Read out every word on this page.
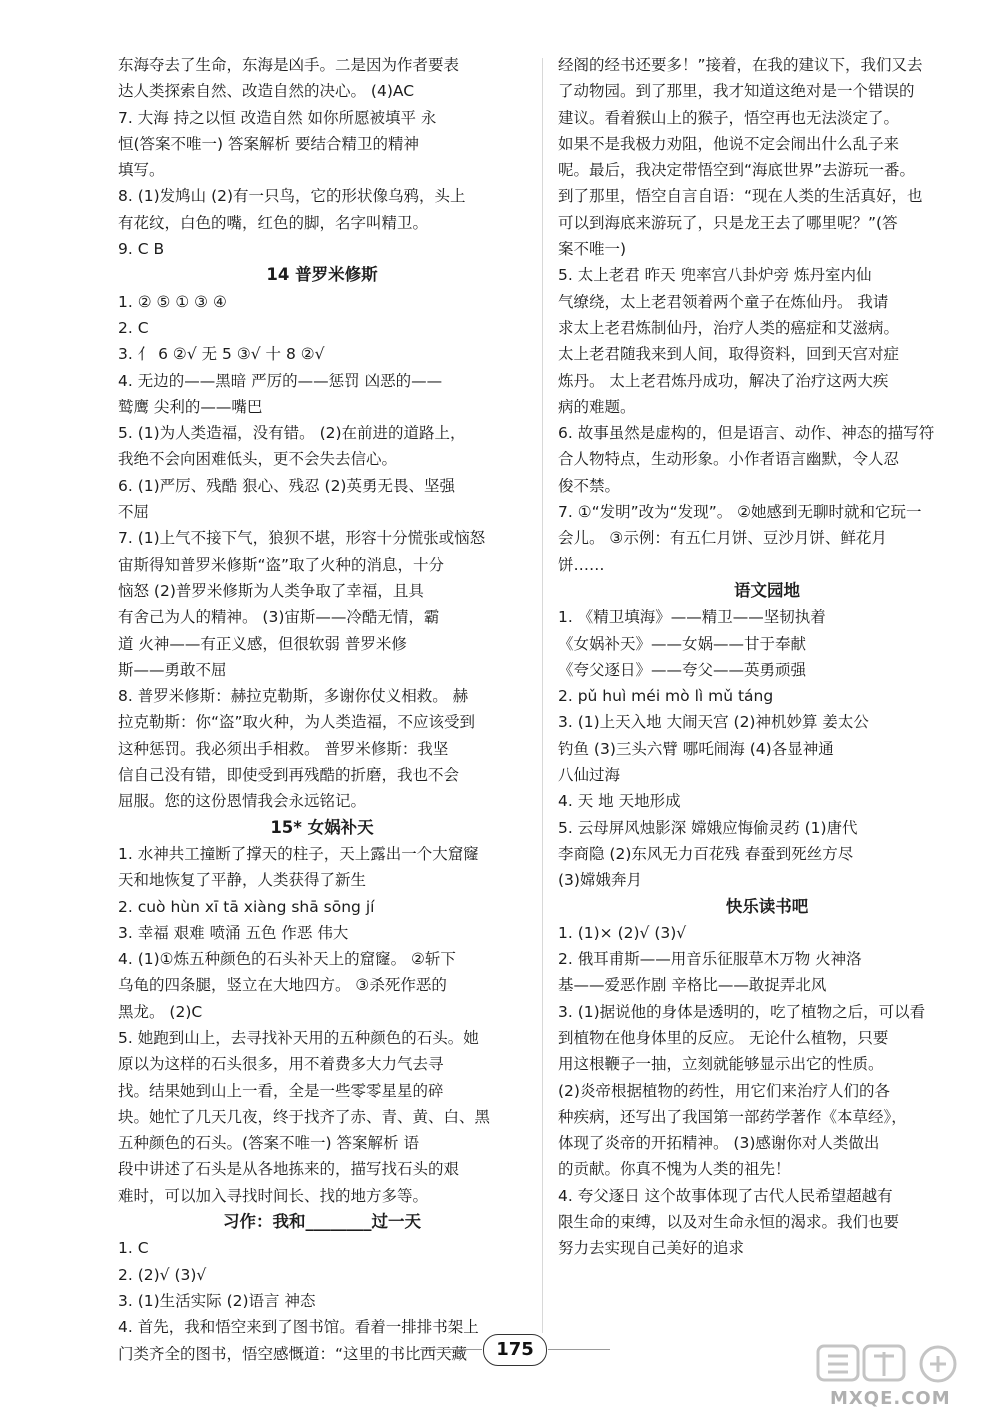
东海夺去了生命，东海是凶手。二是因为作者要表
达人类探索自然、改造自然的决心。 (4)AC
7. 大海 持之以恒 改造自然 如你所愿被填平 永
恒(答案不唯一) 答案解析 要结合精卫的精神
填写。
8. (1)发鸠山 (2)有一只鸟，它的形状像乌鸦，头上
有花纹，白色的嘴，红色的脚，名字叫精卫。
9. C B
14 普罗米修斯
1. ② ⑤ ① ③ ④
2. C
3. 亻 6 ②√ 无 5 ③√ 十 8 ②√
4. 无边的——黑暗 严厉的——惩罚 凶恶的——
鹫鹰 尖利的——嘴巴
5. (1)为人类造福，没有错。 (2)在前进的道路上，
我绝不会向困难低头，更不会失去信心。
6. (1)严厉、残酷 狠心、残忍 (2)英勇无畏、坚强
不屈
7. (1)上气不接下气，狼狈不堪，形容十分慌张或恼怒
宙斯得知普罗米修斯“盗”取了火种的消息，十分
恼怒 (2)普罗米修斯为人类争取了幸福，且具
有舍己为人的精神。 (3)宙斯——冷酷无情，霸
道 火神——有正义感，但很软弱 普罗米修
斯——勇敢不屈
8. 普罗米修斯：赫拉克勒斯，多谢你仗义相救。 赫
拉克勒斯：你“盗”取火种，为人类造福，不应该受到
这种惩罚。我必须出手相救。 普罗米修斯：我坚
信自己没有错，即使受到再残酷的折磨，我也不会
屈服。您的这份恩情我会永远铭记。
15* 女娲补天
1. 水神共工撞断了撑天的柱子，天上露出一个大窟窿
天和地恢复了平静，人类获得了新生
2. cuò hùn xī tā xiàng shā sōng jí
3. 幸福 艰难 喷涌 五色 作恶 伟大
4. (1)①炼五种颜色的石头补天上的窟窿。 ②斩下
乌龟的四条腿，竖立在大地四方。 ③杀死作恶的
黑龙。 (2)C
5. 她跑到山上，去寻找补天用的五种颜色的石头。她
原以为这样的石头很多，用不着费多大力气去寻
找。结果她到山上一看，全是一些零零星星的碎
块。她忙了几天几夜，终于找齐了赤、青、黄、白、黑
五种颜色的石头。(答案不唯一) 答案解析 语
段中讲述了石头是从各地拣来的，描写找石头的艰
难时，可以加入寻找时间长、找的地方多等。
习作：我和________过一天
1. C
2. (2)√ (3)√
3. (1)生活实际 (2)语言 神态
4. 首先，我和悟空来到了图书馆。看着一排排书架上
门类齐全的图书，悟空感慨道：“这里的书比西天藏
经阁的经书还要多！”接着，在我的建议下，我们又去
了动物园。到了那里，我才知道这绝对是一个错误的
建议。看着猴山上的猴子，悟空再也无法淡定了。
如果不是我极力劝阻，他说不定会闹出什么乱子来
呢。最后，我决定带悟空到“海底世界”去游玩一番。
到了那里，悟空自言自语：“现在人类的生活真好，也
可以到海底来游玩了，只是龙王去了哪里呢？”(答
案不唯一)
5. 太上老君 昨天 兜率宫八卦炉旁 炼丹室内仙
气缭绕，太上老君领着两个童子在炼仙丹。 我请
求太上老君炼制仙丹，治疗人类的癌症和艾滋病。
太上老君随我来到人间，取得资料，回到天宫对症
炼丹。 太上老君炼丹成功，解决了治疗这两大疾
病的难题。
6. 故事虽然是虚构的，但是语言、动作、神态的描写符
合人物特点，生动形象。小作者语言幽默，令人忍
俊不禁。
7. ①“发明”改为“发现”。 ②她感到无聊时就和它玩一
会儿。 ③示例：有五仁月饼、豆沙月饼、鲜花月
饼……
语文园地
1. 《精卫填海》——精卫——坚韧执着
《女娲补天》——女娲——甘于奉献
《夸父逐日》——夸父——英勇顽强
2. pǔ huì méi mò lì mǔ táng
3. (1)上天入地 大闹天宫 (2)神机妙算 姜太公
钓鱼 (3)三头六臂 哪吒闹海 (4)各显神通
八仙过海
4. 天 地 天地形成
5. 云母屏风烛影深 嫦娥应悔偷灵药 (1)唐代
李商隐 (2)东风无力百花残 春蚕到死丝方尽
(3)嫦娥奔月
快乐读书吧
1. (1)× (2)√ (3)√
2. 俄耳甫斯——用音乐征服草木万物 火神洛
基——爱恶作剧 辛格比——敢捉弄北风
3. (1)据说他的身体是透明的，吃了植物之后，可以看
到植物在他身体里的反应。 无论什么植物，只要
用这根鞭子一抽，立刻就能够显示出它的性质。
(2)炎帝根据植物的药性，用它们来治疗人们的各
种疾病，还写出了我国第一部药学著作《本草经》，
体现了炎帝的开拓精神。 (3)感谢你对人类做出
的贡献。你真不愧为人类的祖先！
4. 夸父逐日 这个故事体现了古代人民希望超越有
限生命的束缚，以及对生命永恒的渴求。我们也要
努力去实现自己美好的追求
175
MXQE.COM
